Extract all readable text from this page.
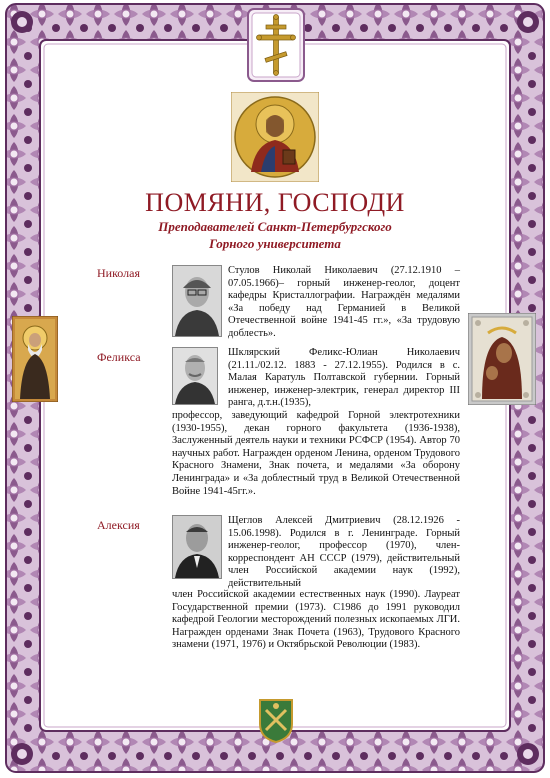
ПОМЯНИ, ГОСПОДИ
Преподавателей Санкт-Петербургского
Горного университета
Николая	Стулов Николай Николаевич (27.12.1910 – 07.05.1966)– горный инженер-геолог, доцент кафедры Кристаллографии. Награждён медалями «За победу над Германией в Великой Отечественной войне 1941-45 гг.», «За трудовую доблесть».
Феликса	Шклярский Феликс-Юлиан Николаевич (21.11./02.12. 1883 - 27.12.1955). Родился в с. Малая Каратуль Полтавской губернии. Горный инженер, инженер-электрик, генерал директор III ранга, д.т.н.(1935),
профессор, заведующий кафедрой Горной электротехники (1930-1955), декан горного факультета (1936-1938), Заслуженный деятель науки и техники РСФСР (1954). Автор 70 научных работ. Награжден орденом Ленина, орденом Трудового Красного Знамени, Знак почета, и медалями «За оборону Ленинграда» и «За доблестный труд в Великой Отечественной Войне 1941-45гг.».
Алексия	Щеглов Алексей Дмитриевич (28.12.1926 - 15.06.1998). Родился в г. Ленинграде. Горный инженер-геолог, профессор (1970), член-корреспондент АН СССР (1979), действительный член Российской академии наук (1992), действительный
член Российской академии естественных наук (1990). Лауреат Государственной премии (1973). С1986 до 1991 руководил кафедрой Геологии месторождений полезных ископаемых ЛГИ. Награжден орденами Знак Почета (1963), Трудового Красного знамени (1971, 1976) и Октябрьской Революции (1983).
